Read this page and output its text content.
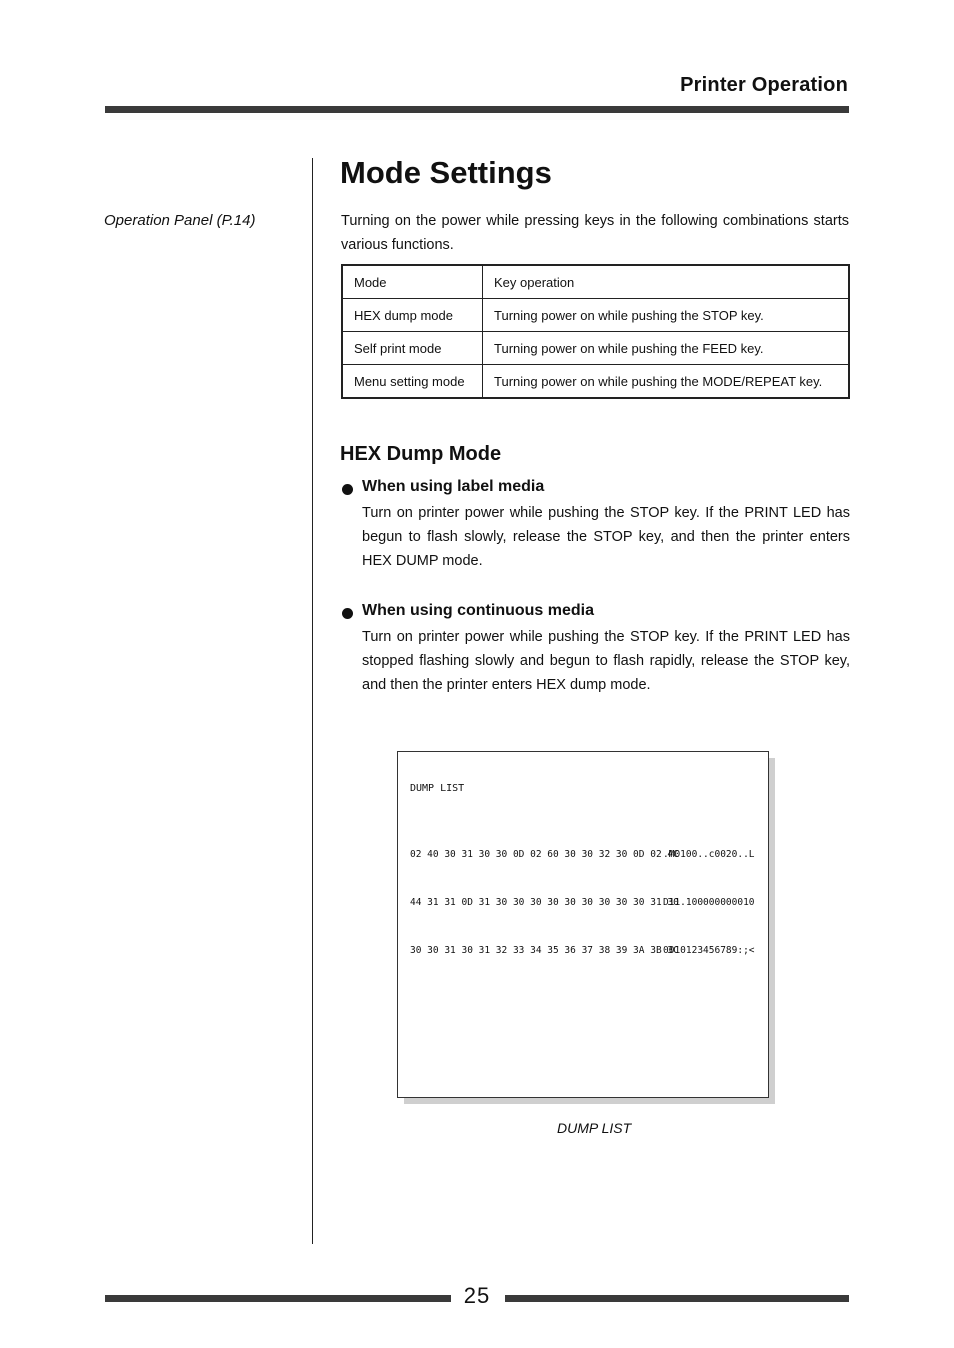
Printer Operation
Operation Panel (P.14)
Mode Settings
Turning on the power while pressing keys in the following combinations starts various functions.
Mode	Key operation
HEX dump mode	Turning power on while pushing the STOP key.
Self print mode	Turning power on while pushing the FEED key.
Menu setting mode	Turning power on while pushing the MODE/REPEAT key.
HEX Dump Mode
When using label media
Turn on printer power while pushing the STOP key. If the PRINT LED has begun to flash slowly, release the STOP key, and then the printer enters HEX DUMP mode.
When using continuous media
Turn on printer power while pushing the STOP key. If the PRINT LED has stopped flashing slowly and begun to flash rapidly, release the STOP key, and then the printer enters HEX dump mode.
DUMP LIST

02 40 30 31 30 30 0D 02 60 30 30 32 30 0D 02 4C.M0100..c0020..L

44 31 31 0D 31 30 30 30 30 30 30 30 30 30 31 30D11.100000000010

30 30 31 30 31 32 33 34 35 36 37 38 39 3A 3B 3C0010123456789:;<

DUMP LIST
25
